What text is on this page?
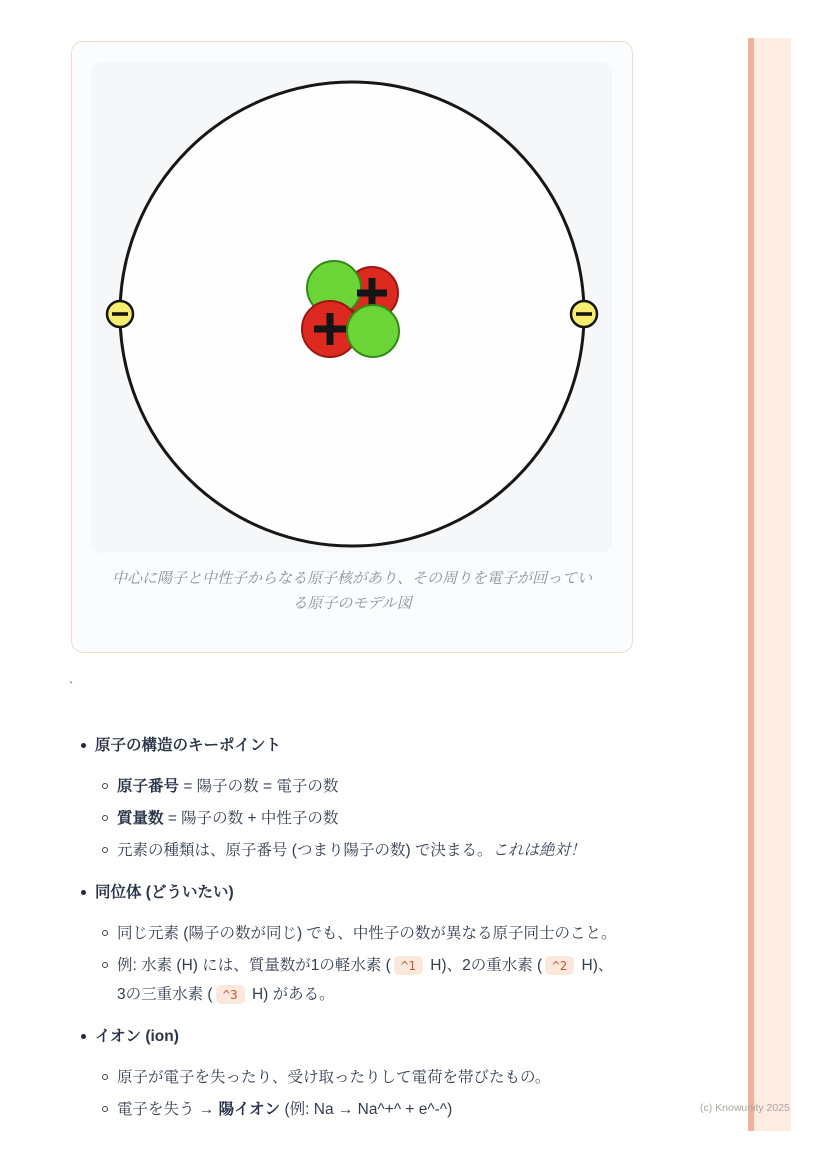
中心に陽子と中性子からなる原子核があり、その周りを電子が回っている原子のモデル図
`
原子の構造のキーポイント
原子番号 = 陽子の数 = 電子の数
質量数 = 陽子の数 + 中性子の数
元素の種類は、原子番号 (つまり陽子の数) で決まる。これは絶対！
同位体 (どういたい)
同じ元素 (陽子の数が同じ) でも、中性子の数が異なる原子同士のこと。
例: 水素 (H) には、質量数が1の軽水素 ( ^1 H)、2の重水素 ( ^2 H)、3の三重水素 ( ^3 H) がある。
イオン (ion)
原子が電子を失ったり、受け取ったりして電荷を帯びたもの。
電子を失う → 陽イオン (例: Na → Na^+^ + e^-^)	(c) Knowunity 2025
